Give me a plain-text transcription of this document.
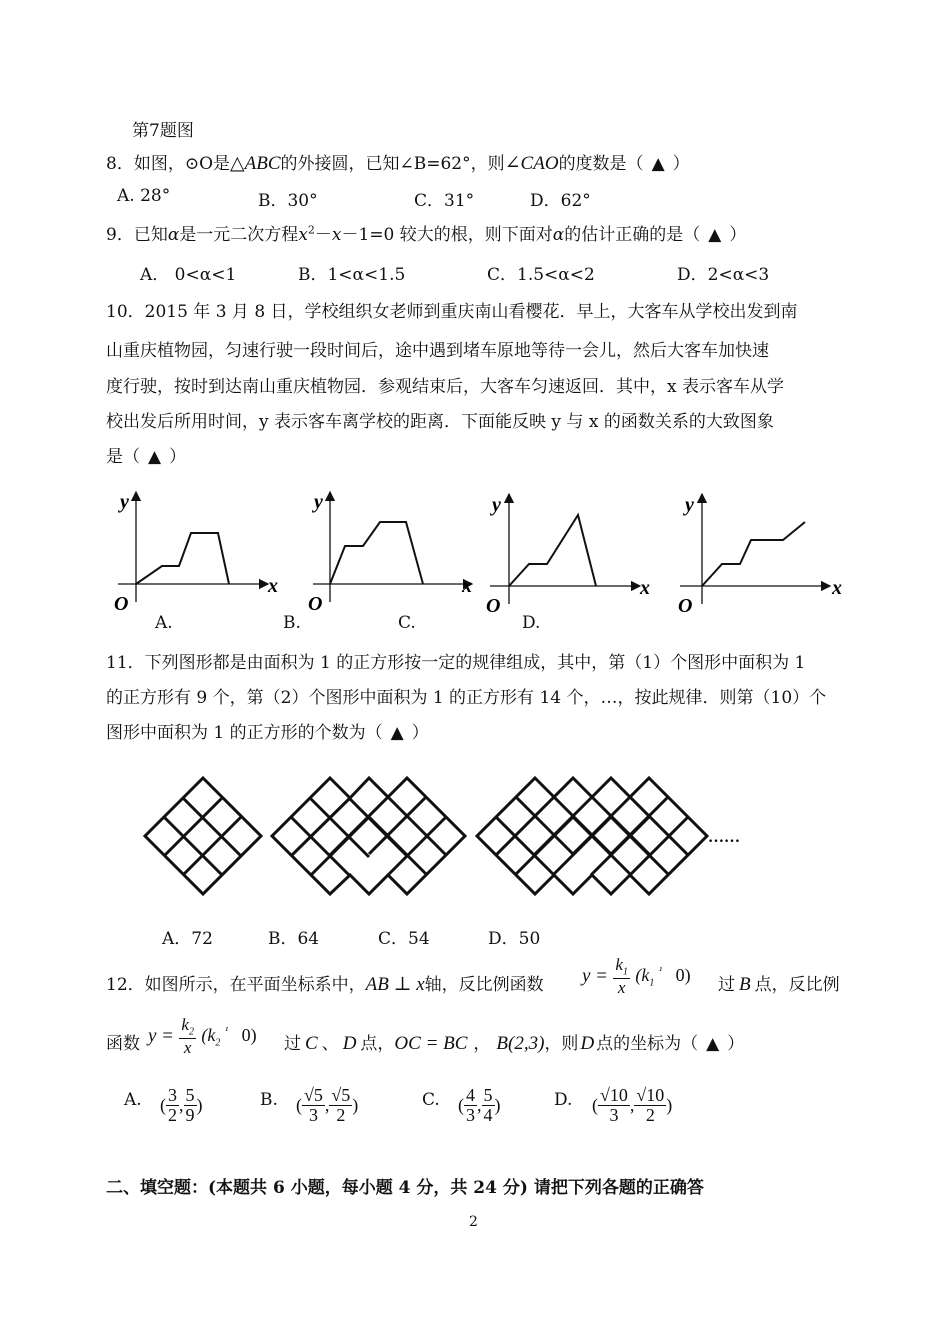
第7题图
8．如图，⊙O是△ABC的外接圆，已知∠B=62°，则∠CAO的度数是（ ▲ ）
A. 28°	B．30°	C．31°	D．62°
9．已知α是一元二次方程$x^2-x-1=0$ 较大的根，则下面对α的估计正确的是（ ▲ ）
A． 0<α<1	B．1<α<1.5	C．1.5<α<2	D．2<α<3
10．2015 年 3 月 8 日，学校组织女老师到重庆南山看樱花．早上，大客车从学校出发到南
山重庆植物园，匀速行驶一段时间后，途中遇到堵车原地等待一会儿，然后大客车加快速
度行驶，按时到达南山重庆植物园．参观结束后，大客车匀速返回．其中，x 表示客车从学
校出发后所用时间，y 表示客车离学校的距离．下面能反映 y 与 x 的函数关系的大致图象
是（ ▲ ）
y
x
O
y
x
O
y
x
O
y
x
O
A.	B.	C.	D.
11．下列图形都是由面积为 1 的正方形按一定的规律组成，其中，第（1）个图形中面积为 1
的正方形有 9 个，第（2）个图形中面积为 1 的正方形有 14 个，…，按此规律．则第（10）个
图形中面积为 1 的正方形的个数为（ ▲ ）
……
A．72	B．64	C．54	D．50
12．如图所示，在平面坐标系中，AB ⊥ x轴，反比例函数 $y = \frac{k_1}{x} (k_1$ $^{^1}$ 0)
过 B 点，反比例
函数 $y = \frac{k_2}{x} (k_2$ $^{^1}$ 0) 过 C 、 D 点，OC = BC ， B(2,3)，则 D 点的坐标为（ ▲ ）
A. ( $\frac{3}{2}$ , $\frac{5}{9}$ )	B. ( $\frac{√5}{3}$ , $\frac{√5}{2}$ )	C. ( $\frac{4}{3}$ , $\frac{5}{4}$ )	D. ( $\frac{√10}{3}$ , $\frac{√10}{2}$ )
二、填空题：(本题共 6 小题，每小题 4 分，共 24 分) 请把下列各题的正确答
2
